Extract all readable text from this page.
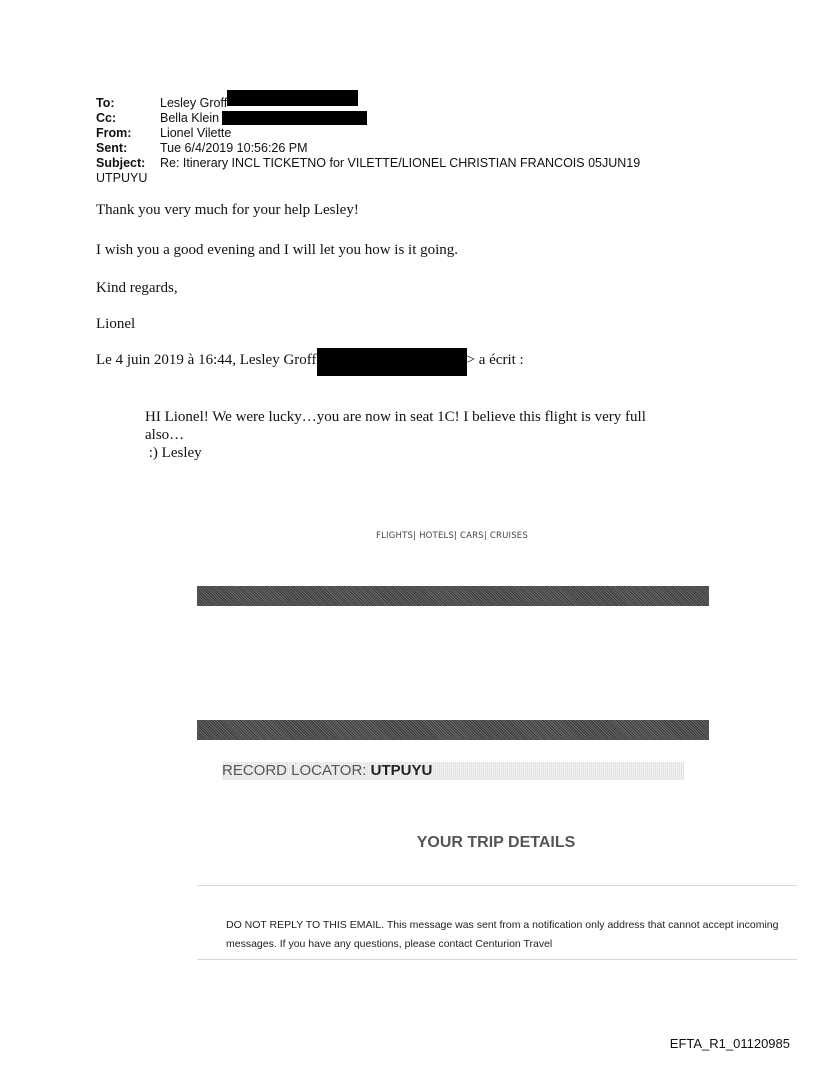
To:	Lesley Groff
Cc:	Bella Klein
From: Lionel Vilette
Sent:	Tue 6/4/2019 10:56:26 PM
Subject: Re: Itinerary INCL TICKETNO for VILETTE/LIONEL CHRISTIAN FRANCOIS 05JUN19
UTPUYU

Thank you very much for your help Lesley!

I wish you a good evening and I will let you how is it going.

Kind regards,

Lionel

Le 4 juin 2019 à 16:44, Lesley Groff	> a écrit :

HI Lionel! We were lucky…you are now in seat 1C! I believe this flight is very full also…

:) Lesley

FLIGHTS| HOTELS| CARS| CRUISES
RECORD LOCATOR: UTPUYU
YOUR TRIP DETAILS
DO NOT REPLY TO THIS EMAIL. This message was sent from a notification only address that cannot accept incoming messages. If you have any questions, please contact Centurion Travel
EFTA_R1_01120985
